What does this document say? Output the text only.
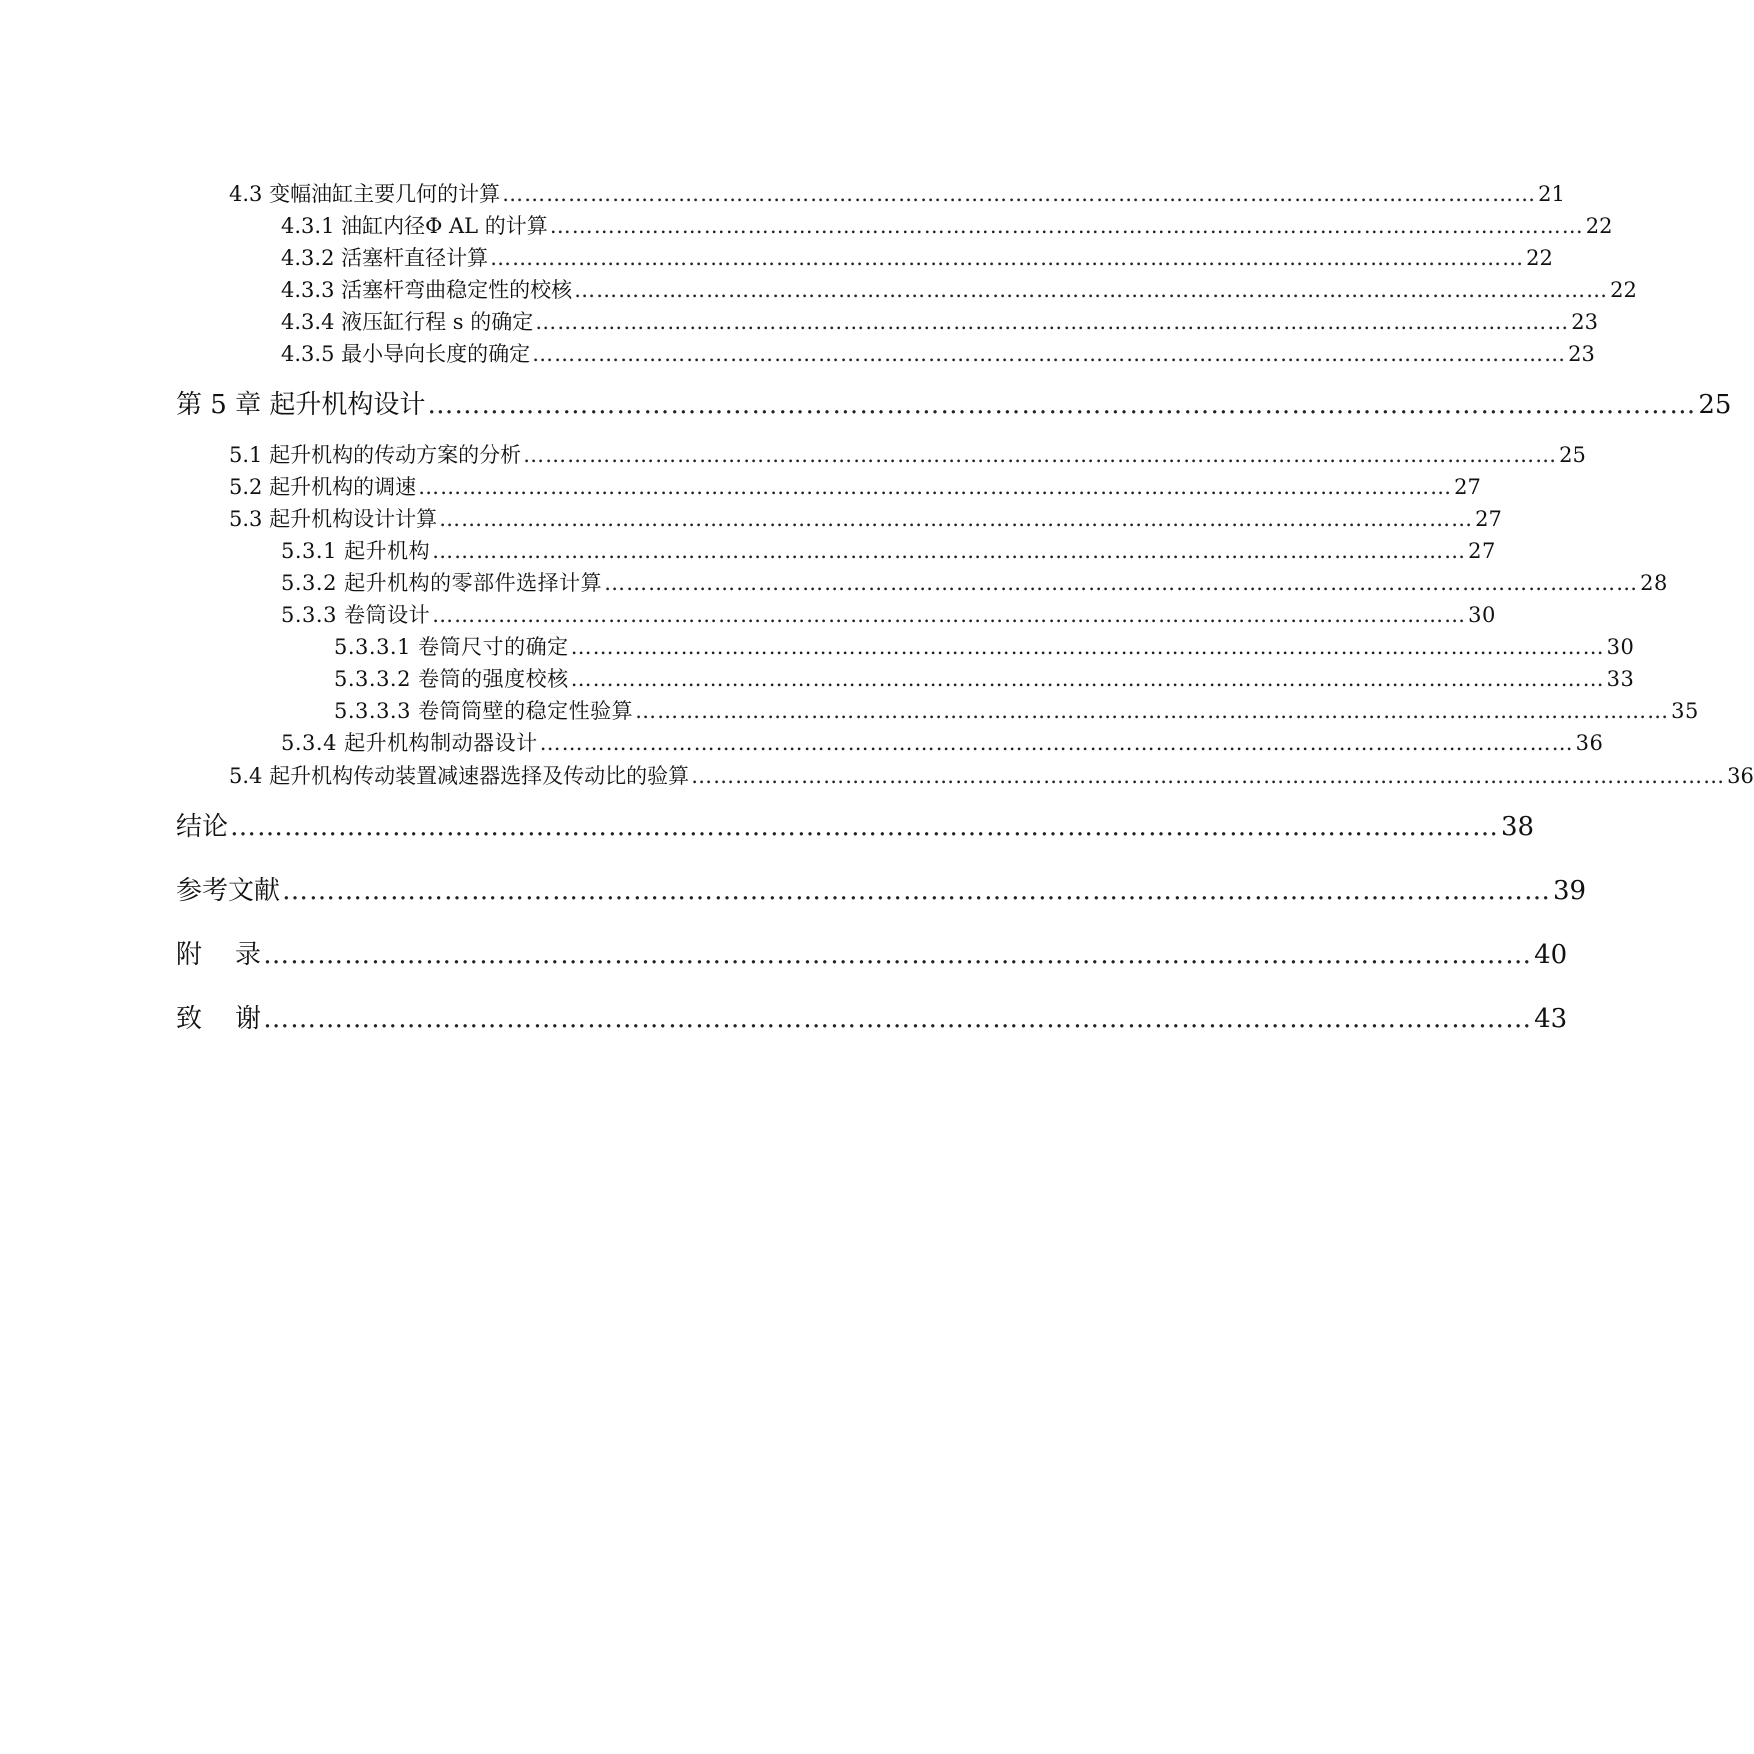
4.3 变幅油缸主要几何的计算 …………………………………………………………………………………………………………………………… 21
4.3.1 油缸内径Φ AL 的计算 …………………………………………………………………………………………………………………………… 22
4.3.2 活塞杆直径计算 …………………………………………………………………………………………………………………………… 22
4.3.3 活塞杆弯曲稳定性的校核 …………………………………………………………………………………………………………………………… 22
4.3.4 液压缸行程 s 的确定 …………………………………………………………………………………………………………………………… 23
4.3.5 最小导向长度的确定 …………………………………………………………………………………………………………………………… 23
第 5 章 起升机构设计 …………………………………………………………………………………………………………………………… 25
5.1 起升机构的传动方案的分析 …………………………………………………………………………………………………………………………… 25
5.2 起升机构的调速 …………………………………………………………………………………………………………………………… 27
5.3 起升机构设计计算 …………………………………………………………………………………………………………………………… 27
5.3.1 起升机构 …………………………………………………………………………………………………………………………… 27
5.3.2 起升机构的零部件选择计算 …………………………………………………………………………………………………………………………… 28
5.3.3 卷筒设计 …………………………………………………………………………………………………………………………… 30
5.3.3.1 卷筒尺寸的确定 …………………………………………………………………………………………………………………………… 30
5.3.3.2 卷筒的强度校核 …………………………………………………………………………………………………………………………… 33
5.3.3.3 卷筒筒壁的稳定性验算 …………………………………………………………………………………………………………………………… 35
5.3.4 起升机构制动器设计 …………………………………………………………………………………………………………………………… 36
5.4 起升机构传动装置减速器选择及传动比的验算 …………………………………………………………………………………………………………………………… 36
结论 …………………………………………………………………………………………………………………………… 38
参考文献 …………………………………………………………………………………………………………………………… 39
附    录 …………………………………………………………………………………………………………………………… 40
致    谢 …………………………………………………………………………………………………………………………… 43
